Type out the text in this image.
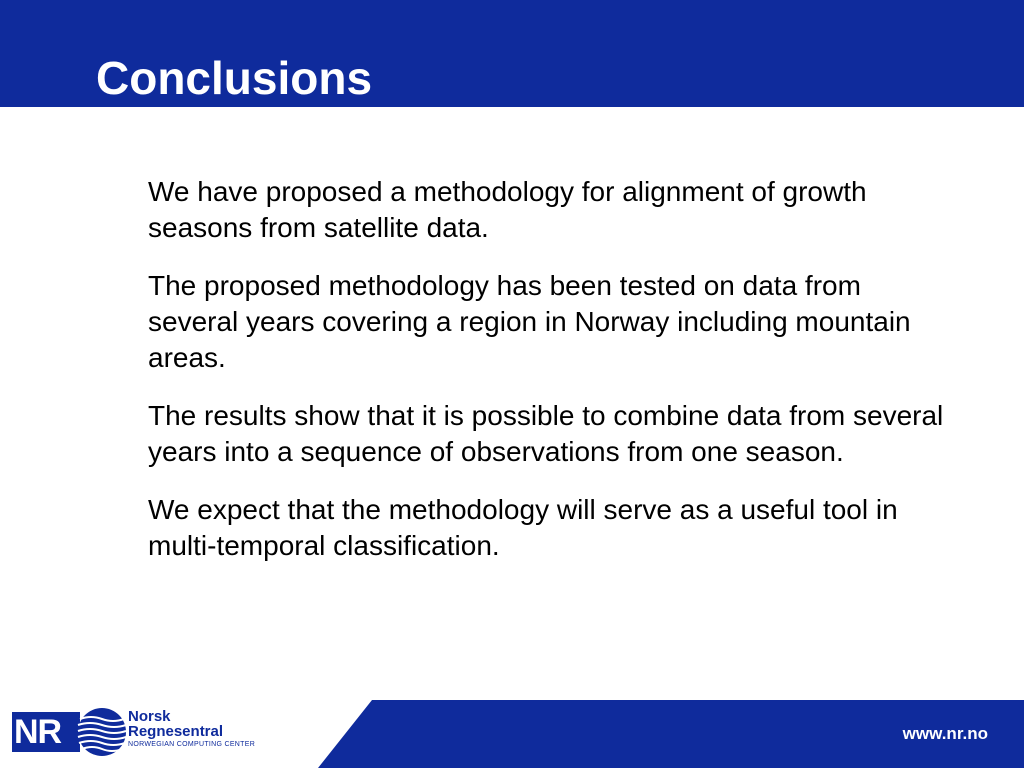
Conclusions

We have proposed a methodology for alignment of growth seasons from satellite data.

The proposed methodology has been tested on data from several years covering a region in Norway including mountain areas.

The results show that it is possible to combine data from several years into a sequence of observations from one season.

We expect that the methodology will serve as a useful tool in multi-temporal classification.

NR	Norsk
Regnesentral
NORWEGIAN COMPUTING CENTER
www.nr.no
